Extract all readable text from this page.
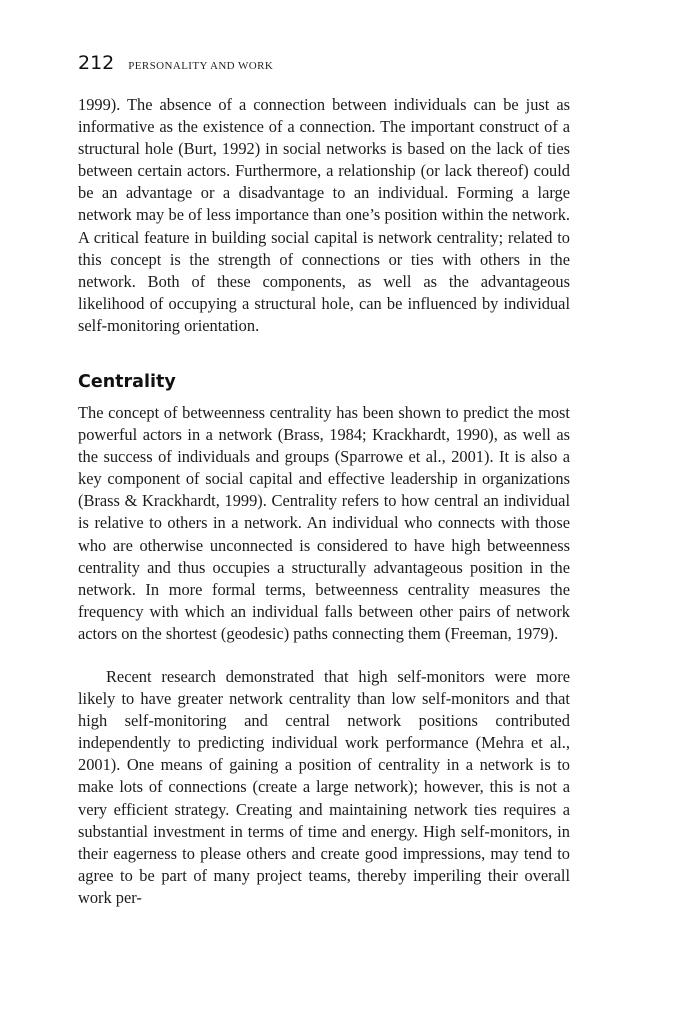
212 PERSONALITY AND WORK

1999). The absence of a connection between individuals can be just as informative as the existence of a connection. The important construct of a structural hole (Burt, 1992) in social networks is based on the lack of ties between certain actors. Furthermore, a relationship (or lack thereof) could be an advantage or a disadvantage to an individual. Forming a large network may be of less importance than one’s position within the network. A critical feature in building social capital is network centrality; related to this concept is the strength of connections or ties with others in the network. Both of these components, as well as the advantageous likelihood of occupying a structural hole, can be influenced by individual self-monitoring orientation.

Centrality

The concept of betweenness centrality has been shown to predict the most powerful actors in a network (Brass, 1984; Krackhardt, 1990), as well as the success of individuals and groups (Sparrowe et al., 2001). It is also a key component of social capital and effective leadership in organizations (Brass & Krackhardt, 1999). Centrality refers to how central an individual is relative to others in a network. An individual who connects with those who are otherwise unconnected is considered to have high betweenness centrality and thus occupies a structurally advantageous position in the network. In more formal terms, betweenness centrality measures the frequency with which an individual falls between other pairs of network actors on the shortest (geodesic) paths connecting them (Freeman, 1979).

Recent research demonstrated that high self-monitors were more likely to have greater network centrality than low self-monitors and that high self-monitoring and central network positions contributed independently to predicting individual work performance (Mehra et al., 2001). One means of gaining a position of centrality in a network is to make lots of connections (create a large network); however, this is not a very efficient strategy. Creating and maintaining network ties requires a substantial investment in terms of time and energy. High self-monitors, in their eagerness to please others and create good impressions, may tend to agree to be part of many project teams, thereby imperiling their overall work per-
